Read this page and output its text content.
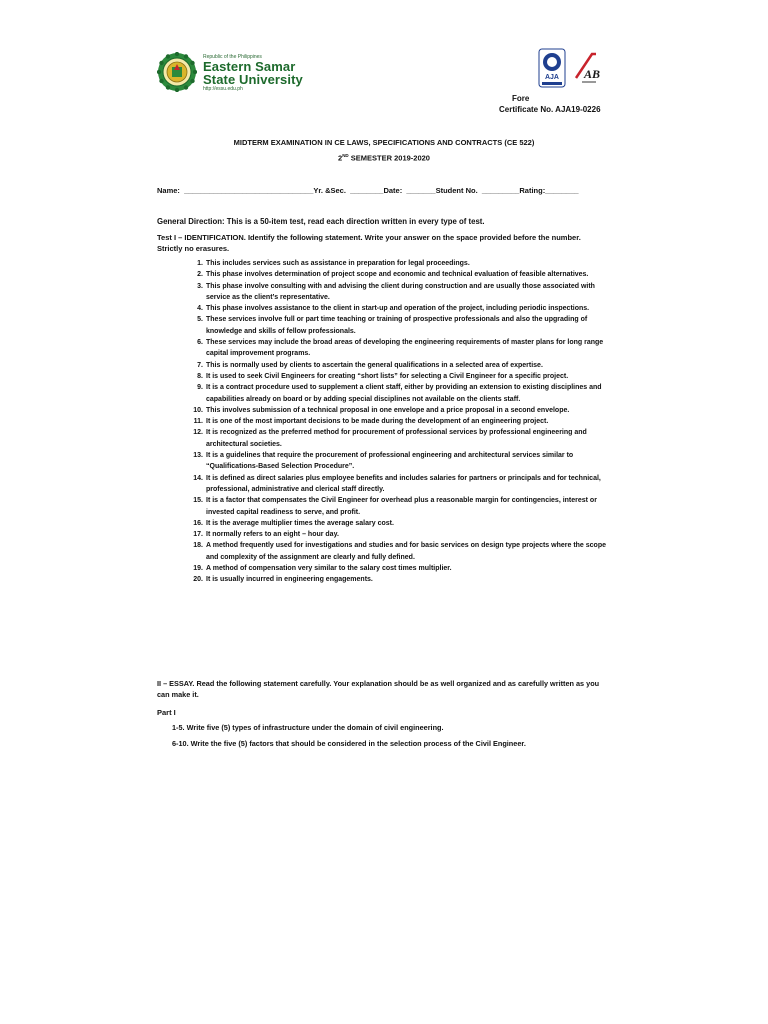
Republic of the Philippines
Eastern Samar
State University
http://essu.edu.ph
AJA AB
Fore
Certificate No. AJA19-0226
MIDTERM EXAMINATION IN CE LAWS, SPECIFICATIONS AND CONTRACTS (CE 522)
2ND SEMESTER 2019-2020
Name:  _______________________________Yr. &Sec.  ________Date:  _______Student No.  _________Rating:________
General Direction: This is a 50-item test, read each direction written in every type of test.
Test I – IDENTIFICATION. Identify the following statement. Write your answer on the space provided before the number. Strictly no erasures.
1. This includes services such as assistance in preparation for legal proceedings.
2. This phase involves determination of project scope and economic and technical evaluation of feasible alternatives.
3. This phase involve consulting with and advising the client during construction and are usually those associated with service as the client’s representative.
4. This phase involves assistance to the client in start-up and operation of the project, including periodic inspections.
5. These services involve full or part time teaching or training of prospective professionals and also the upgrading of knowledge and skills of fellow professionals.
6. These services may include the broad areas of developing the engineering requirements of master plans for long range capital improvement programs.
7. This is normally used by clients to ascertain the general qualifications in a selected area of expertise.
8. It is used to seek Civil Engineers for creating “short lists” for selecting a Civil Engineer for a specific project.
9. It is a contract procedure used to supplement a client staff, either by providing an extension to existing disciplines and capabilities already on board or by adding special disciplines not available on the clients staff.
10. This involves submission of a technical proposal in one envelope and a price proposal in a second envelope.
11. It is one of the most important decisions to be made during the development of an engineering project.
12. It is recognized as the preferred method for procurement of professional services by professional engineering and architectural societies.
13. It is a guidelines that require the procurement of professional engineering and architectural services similar to “Qualifications-Based Selection Procedure”.
14. It is defined as direct salaries plus employee benefits and includes salaries for partners or principals and for technical, professional, administrative and clerical staff directly.
15. It is a factor that compensates the Civil Engineer for overhead plus a reasonable margin for contingencies, interest or invested capital readiness to serve, and profit.
16. It is the average multiplier times the average salary cost.
17. It normally refers to an eight – hour day.
18. A method frequently used for investigations and studies and for basic services on design type projects where the scope and complexity of the assignment are clearly and fully defined.
19. A method of compensation very similar to the salary cost times multiplier.
20. It is usually incurred in engineering engagements.
II – ESSAY. Read the following statement carefully. Your explanation should be as well organized and as carefully written as you can make it.
Part I
1-5. Write five (5) types of infrastructure under the domain of civil engineering.
6-10. Write the five (5) factors that should be considered in the selection process of the Civil Engineer.
